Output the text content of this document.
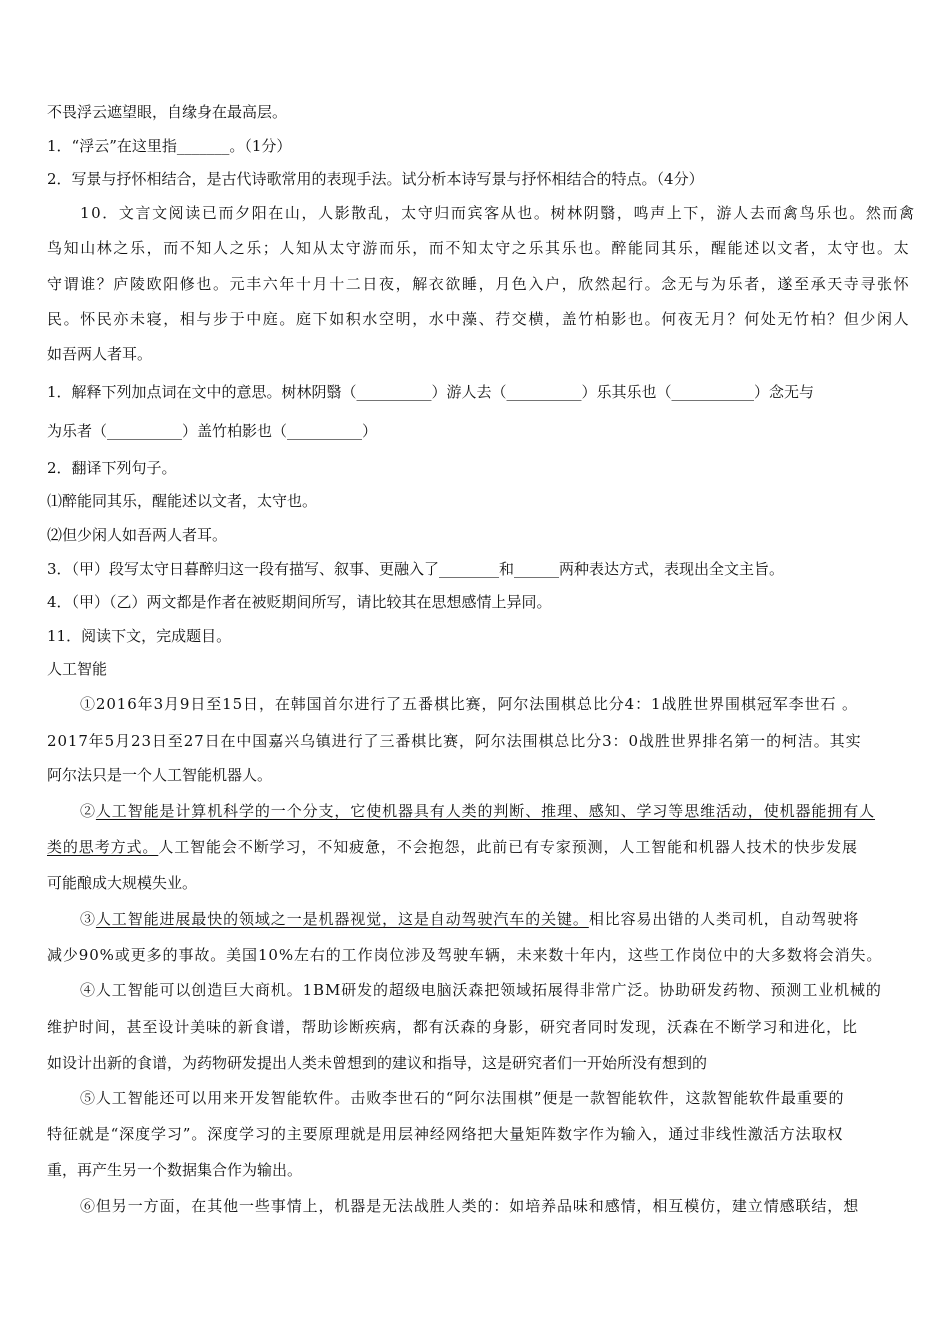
不畏浮云遮望眼，自缘身在最高层。
1．“浮云”在这里指_______。（1分）
2．写景与抒怀相结合，是古代诗歌常用的表现手法。试分析本诗写景与抒怀相结合的特点。（4分）
10．文言文阅读已而夕阳在山，人影散乱，太守归而宾客从也。树林阴翳，鸣声上下，游人去而禽鸟乐也。然而禽
鸟知山林之乐，而不知人之乐；人知从太守游而乐，而不知太守之乐其乐也。醉能同其乐，醒能述以文者，太守也。太
守谓谁？庐陵欧阳修也。元丰六年十月十二日夜，解衣欲睡，月色入户，欣然起行。念无与为乐者，遂至承天寺寻张怀
民。怀民亦未寝，相与步于中庭。庭下如积水空明，水中藻、荇交横，盖竹柏影也。何夜无月？何处无竹柏？但少闲人
如吾两人者耳。
1．解释下列加点词在文中的意思。树林阴翳（__________）游人去（__________）乐其乐也（___________）念无与
为乐者（__________）盖竹柏影也（__________）
2．翻译下列句子。
⑴醉能同其乐，醒能述以文者，太守也。
⑵但少闲人如吾两人者耳。
3．（甲）段写太守日暮醉归这一段有描写、叙事、更融入了________和______两种表达方式，表现出全文主旨。
4．（甲）（乙）两文都是作者在被贬期间所写，请比较其在思想感情上异同。
11．阅读下文，完成题目。
人工智能
①2016年3月9日至15日，在韩国首尔进行了五番棋比赛，阿尔法围棋总比分4：1战胜世界围棋冠军李世石 。
2017年5月23日至27日在中国嘉兴乌镇进行了三番棋比赛，阿尔法围棋总比分3：0战胜世界排名第一的柯洁。其实
阿尔法只是一个人工智能机器人。
②人工智能是计算机科学的一个分支，它使机器具有人类的判断、推理、感知、学习等思维活动，使机器能拥有人
类的思考方式。人工智能会不断学习，不知疲惫，不会抱怨，此前已有专家预测，人工智能和机器人技术的快步发展
可能酿成大规模失业。
③人工智能进展最快的领域之一是机器视觉，这是自动驾驶汽车的关键。相比容易出错的人类司机，自动驾驶将
减少90%或更多的事故。美国10%左右的工作岗位涉及驾驶车辆，未来数十年内，这些工作岗位中的大多数将会消失。
④人工智能可以创造巨大商机。1BM研发的超级电脑沃森把领域拓展得非常广泛。协助研发药物、预测工业机械的
维护时间，甚至设计美味的新食谱，帮助诊断疾病，都有沃森的身影，研究者同时发现，沃森在不断学习和进化，比
如设计出新的食谱，为药物研发提出人类未曾想到的建议和指导，这是研究者们一开始所没有想到的
⑤人工智能还可以用来开发智能软件。击败李世石的“阿尔法围棋”便是一款智能软件，这款智能软件最重要的
特征就是“深度学习”。深度学习的主要原理就是用层神经网络把大量矩阵数字作为输入，通过非线性激活方法取权
重，再产生另一个数据集合作为输出。
⑥但另一方面，在其他一些事情上，机器是无法战胜人类的：如培养品味和感情，相互模仿，建立情感联结，想
